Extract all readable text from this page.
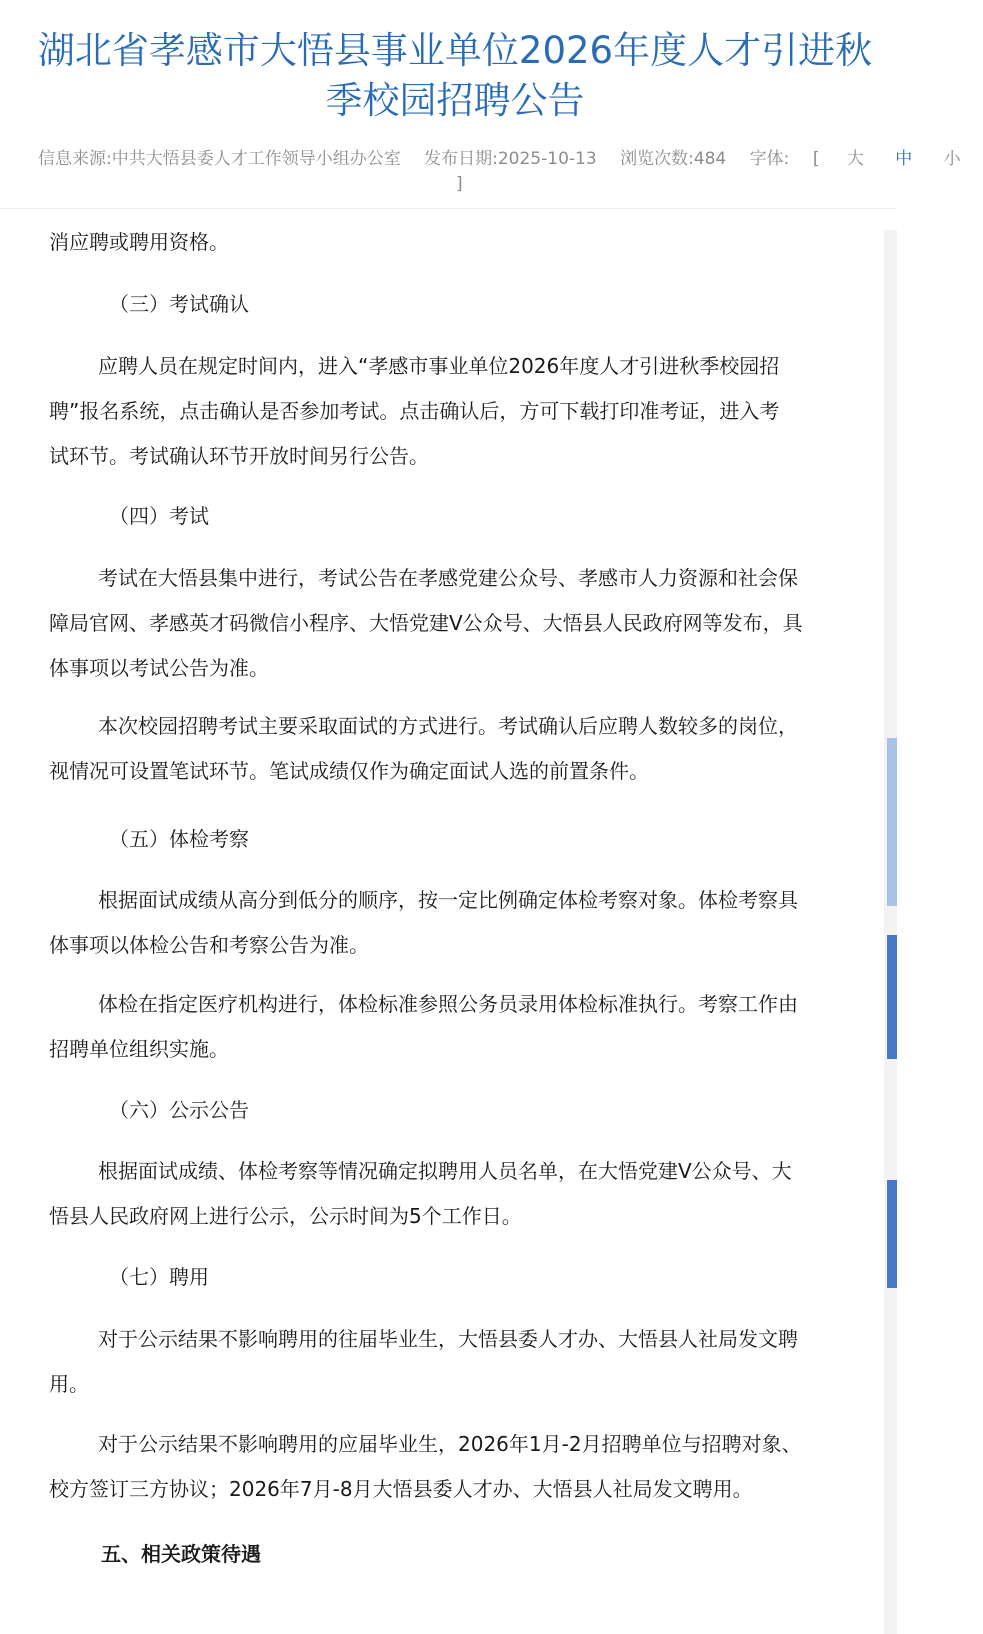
湖北省孝感市大悟县事业单位2026年度人才引进秋
季校园招聘公告
信息来源:中共大悟县委人才工作领导小组办公室 发布日期:2025-10-13 浏览次数:484 字体: [ 大 中 小
]

消应聘或聘用资格。

（三）考试确认

应聘人员在规定时间内，进入“孝感市事业单位2026年度人才引进秋季校园招
聘”报名系统，点击确认是否参加考试。点击确认后，方可下载打印准考证，进入考
试环节。考试确认环节开放时间另行公告。

（四）考试

考试在大悟县集中进行，考试公告在孝感党建公众号、孝感市人力资源和社会保
障局官网、孝感英才码微信小程序、大悟党建V公众号、大悟县人民政府网等发布，具
体事项以考试公告为准。

本次校园招聘考试主要采取面试的方式进行。考试确认后应聘人数较多的岗位，
视情况可设置笔试环节。笔试成绩仅作为确定面试人选的前置条件。

（五）体检考察

根据面试成绩从高分到低分的顺序，按一定比例确定体检考察对象。体检考察具
体事项以体检公告和考察公告为准。

体检在指定医疗机构进行，体检标准参照公务员录用体检标准执行。考察工作由
招聘单位组织实施。

（六）公示公告

根据面试成绩、体检考察等情况确定拟聘用人员名单，在大悟党建V公众号、大
悟县人民政府网上进行公示，公示时间为5个工作日。

（七）聘用

对于公示结果不影响聘用的往届毕业生，大悟县委人才办、大悟县人社局发文聘
用。

对于公示结果不影响聘用的应届毕业生，2026年1月-2月招聘单位与招聘对象、
校方签订三方协议；2026年7月-8月大悟县委人才办、大悟县人社局发文聘用。

五、相关政策待遇
